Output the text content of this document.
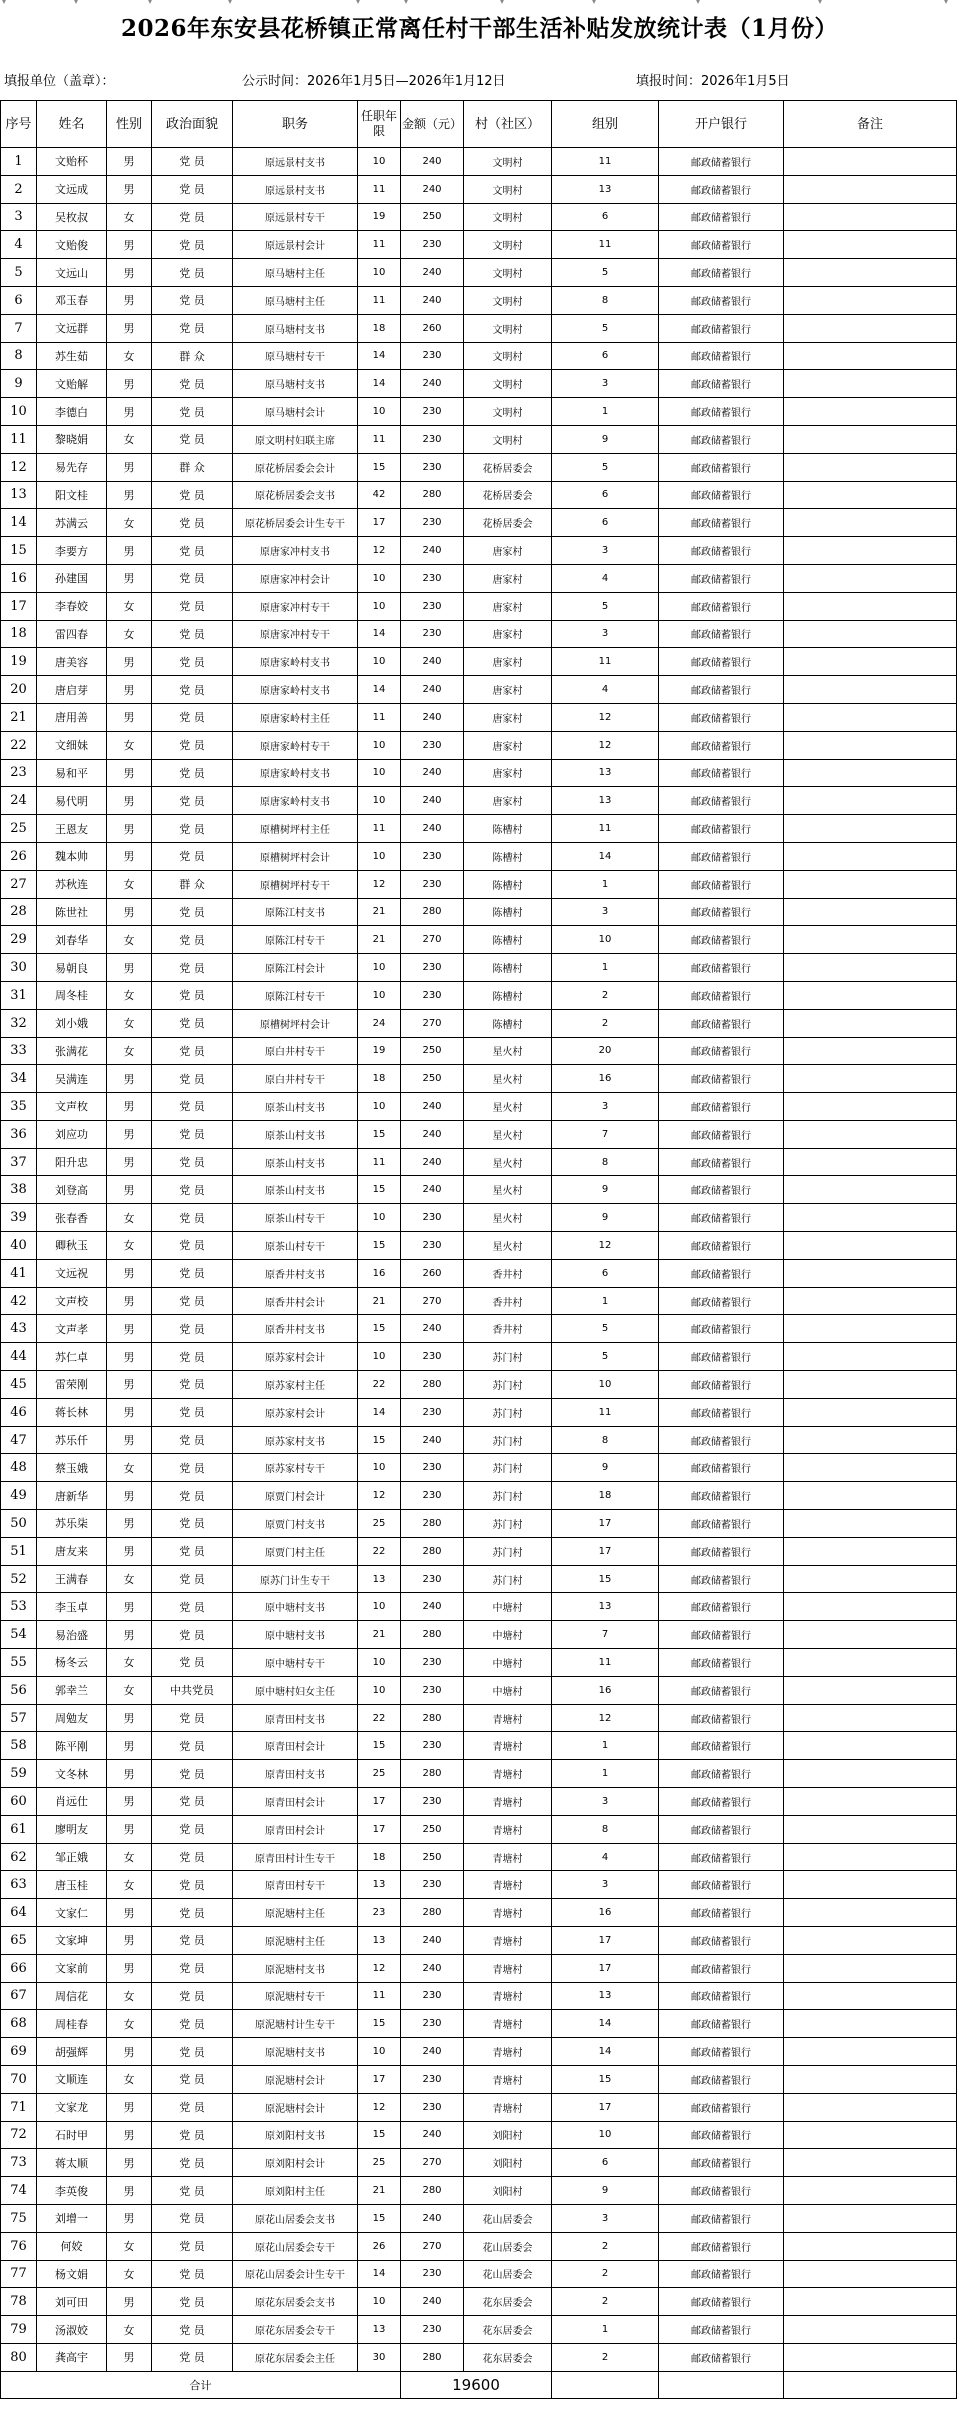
▾	▾	▾	▾	▾	▾	▾	▾	▾	▾	▾
2026年东安县花桥镇正常离任村干部生活补贴发放统计表（1月份）
填报单位（盖章）：	公示时间：2026年1月5日—2026年1月12日	填报时间：2026年1月5日
序号	姓名	性别	政治面貌	职务	任职年限	金额（元）	村（社区）	组别	开户银行	备注
1	文贻杯	男	党 员	原远景村支书	10	240	文明村	11	邮政储蓄银行	
2	文远成	男	党 员	原远景村支书	11	240	文明村	13	邮政储蓄银行	
3	吴枚叔	女	党 员	原远景村专干	19	250	文明村	6	邮政储蓄银行	
4	文贻俊	男	党 员	原远景村会计	11	230	文明村	11	邮政储蓄银行	
5	文远山	男	党 员	原马塘村主任	10	240	文明村	5	邮政储蓄银行	
6	邓玉春	男	党 员	原马塘村主任	11	240	文明村	8	邮政储蓄银行	
7	文远群	男	党 员	原马塘村支书	18	260	文明村	5	邮政储蓄银行	
8	苏生茹	女	群 众	原马塘村专干	14	230	文明村	6	邮政储蓄银行	
9	文贻解	男	党 员	原马塘村支书	14	240	文明村	3	邮政储蓄银行	
10	李德白	男	党 员	原马塘村会计	10	230	文明村	1	邮政储蓄银行	
11	黎晓娟	女	党 员	原文明村妇联主席	11	230	文明村	9	邮政储蓄银行	
12	易先存	男	群 众	原花桥居委会会计	15	230	花桥居委会	5	邮政储蓄银行	
13	阳文桂	男	党 员	原花桥居委会支书	42	280	花桥居委会	6	邮政储蓄银行	
14	苏满云	女	党 员	原花桥居委会计生专干	17	230	花桥居委会	6	邮政储蓄银行	
15	李要方	男	党 员	原唐家冲村支书	12	240	唐家村	3	邮政储蓄银行	
16	孙建国	男	党 员	原唐家冲村会计	10	230	唐家村	4	邮政储蓄银行	
17	李春姣	女	党 员	原唐家冲村专干	10	230	唐家村	5	邮政储蓄银行	
18	雷四春	女	党 员	原唐家冲村专干	14	230	唐家村	3	邮政储蓄银行	
19	唐美容	男	党 员	原唐家岭村支书	10	240	唐家村	11	邮政储蓄银行	
20	唐启芽	男	党 员	原唐家岭村支书	14	240	唐家村	4	邮政储蓄银行	
21	唐用善	男	党 员	原唐家岭村主任	11	240	唐家村	12	邮政储蓄银行	
22	文细妹	女	党 员	原唐家岭村专干	10	230	唐家村	12	邮政储蓄银行	
23	易和平	男	党 员	原唐家岭村支书	10	240	唐家村	13	邮政储蓄银行	
24	易代明	男	党 员	原唐家岭村支书	10	240	唐家村	13	邮政储蓄银行	
25	王恩友	男	党 员	原槽树坪村主任	11	240	陈槽村	11	邮政储蓄银行	
26	魏本帅	男	党 员	原槽树坪村会计	10	230	陈槽村	14	邮政储蓄银行	
27	苏秋连	女	群 众	原槽树坪村专干	12	230	陈槽村	1	邮政储蓄银行	
28	陈世社	男	党 员	原陈江村支书	21	280	陈槽村	3	邮政储蓄银行	
29	刘春华	女	党 员	原陈江村专干	21	270	陈槽村	10	邮政储蓄银行	
30	易朝良	男	党 员	原陈江村会计	10	230	陈槽村	1	邮政储蓄银行	
31	周冬桂	女	党 员	原陈江村专干	10	230	陈槽村	2	邮政储蓄银行	
32	刘小娥	女	党 员	原槽树坪村会计	24	270	陈槽村	2	邮政储蓄银行	
33	张满花	女	党 员	原白井村专干	19	250	星火村	20	邮政储蓄银行	
34	吴满连	男	党 员	原白井村专干	18	250	星火村	16	邮政储蓄银行	
35	文声枚	男	党 员	原茶山村支书	10	240	星火村	3	邮政储蓄银行	
36	刘应功	男	党 员	原茶山村支书	15	240	星火村	7	邮政储蓄银行	
37	阳升忠	男	党 员	原茶山村支书	11	240	星火村	8	邮政储蓄银行	
38	刘登高	男	党 员	原茶山村支书	15	240	星火村	9	邮政储蓄银行	
39	张春香	女	党 员	原茶山村专干	10	230	星火村	9	邮政储蓄银行	
40	卿秋玉	女	党 员	原茶山村专干	15	230	星火村	12	邮政储蓄银行	
41	文远祝	男	党 员	原香井村支书	16	260	香井村	6	邮政储蓄银行	
42	文声校	男	党 员	原香井村会计	21	270	香井村	1	邮政储蓄银行	
43	文声孝	男	党 员	原香井村支书	15	240	香井村	5	邮政储蓄银行	
44	苏仁卓	男	党 员	原苏家村会计	10	230	苏门村	5	邮政储蓄银行	
45	雷荣刚	男	党 员	原苏家村主任	22	280	苏门村	10	邮政储蓄银行	
46	蒋长林	男	党 员	原苏家村会计	14	230	苏门村	11	邮政储蓄银行	
47	苏乐仟	男	党 员	原苏家村支书	15	240	苏门村	8	邮政储蓄银行	
48	蔡玉娥	女	党 员	原苏家村专干	10	230	苏门村	9	邮政储蓄银行	
49	唐新华	男	党 员	原贾门村会计	12	230	苏门村	18	邮政储蓄银行	
50	苏乐柒	男	党 员	原贾门村支书	25	280	苏门村	17	邮政储蓄银行	
51	唐友来	男	党 员	原贾门村主任	22	280	苏门村	17	邮政储蓄银行	
52	王满春	女	党 员	原苏门计生专干	13	230	苏门村	15	邮政储蓄银行	
53	李玉卓	男	党 员	原中塘村支书	10	240	中塘村	13	邮政储蓄银行	
54	易治盛	男	党 员	原中塘村支书	21	280	中塘村	7	邮政储蓄银行	
55	杨冬云	女	党 员	原中塘村专干	10	230	中塘村	11	邮政储蓄银行	
56	郭幸兰	女	中共党员	原中塘村妇女主任	10	230	中塘村	16	邮政储蓄银行	
57	周勉友	男	党 员	原青田村支书	22	280	青塘村	12	邮政储蓄银行	
58	陈平刚	男	党 员	原青田村会计	15	230	青塘村	1	邮政储蓄银行	
59	文冬林	男	党 员	原青田村支书	25	280	青塘村	1	邮政储蓄银行	
60	肖远仕	男	党 员	原青田村会计	17	230	青塘村	3	邮政储蓄银行	
61	廖明友	男	党 员	原青田村会计	17	250	青塘村	8	邮政储蓄银行	
62	邹正娥	女	党 员	原青田村计生专干	18	250	青塘村	4	邮政储蓄银行	
63	唐玉桂	女	党 员	原青田村专干	13	230	青塘村	3	邮政储蓄银行	
64	文家仁	男	党 员	原泥塘村主任	23	280	青塘村	16	邮政储蓄银行	
65	文家坤	男	党 员	原泥塘村主任	13	240	青塘村	17	邮政储蓄银行	
66	文家前	男	党 员	原泥塘村支书	12	240	青塘村	17	邮政储蓄银行	
67	周信花	女	党 员	原泥塘村专干	11	230	青塘村	13	邮政储蓄银行	
68	周桂春	女	党 员	原泥塘村计生专干	15	230	青塘村	14	邮政储蓄银行	
69	胡强辉	男	党 员	原泥塘村支书	10	240	青塘村	14	邮政储蓄银行	
70	文顺连	女	党 员	原泥塘村会计	17	230	青塘村	15	邮政储蓄银行	
71	文家龙	男	党 员	原泥塘村会计	12	230	青塘村	17	邮政储蓄银行	
72	石时甲	男	党 员	原刘阳村支书	15	240	刘阳村	10	邮政储蓄银行	
73	蒋太顺	男	党 员	原刘阳村会计	25	270	刘阳村	6	邮政储蓄银行	
74	李英俊	男	党 员	原刘阳村主任	21	280	刘阳村	9	邮政储蓄银行	
75	刘增一	男	党 员	原花山居委会支书	15	240	花山居委会	3	邮政储蓄银行	
76	何姣	女	党 员	原花山居委会专干	26	270	花山居委会	2	邮政储蓄银行	
77	杨文娟	女	党 员	原花山居委会计生专干	14	230	花山居委会	2	邮政储蓄银行	
78	刘可田	男	党 员	原花东居委会支书	10	240	花东居委会	2	邮政储蓄银行	
79	汤淑姣	女	党 员	原花东居委会专干	13	230	花东居委会	1	邮政储蓄银行	
80	龚高宇	男	党 员	原花东居委会主任	30	280	花东居委会	2	邮政储蓄银行	
合计						19600				
